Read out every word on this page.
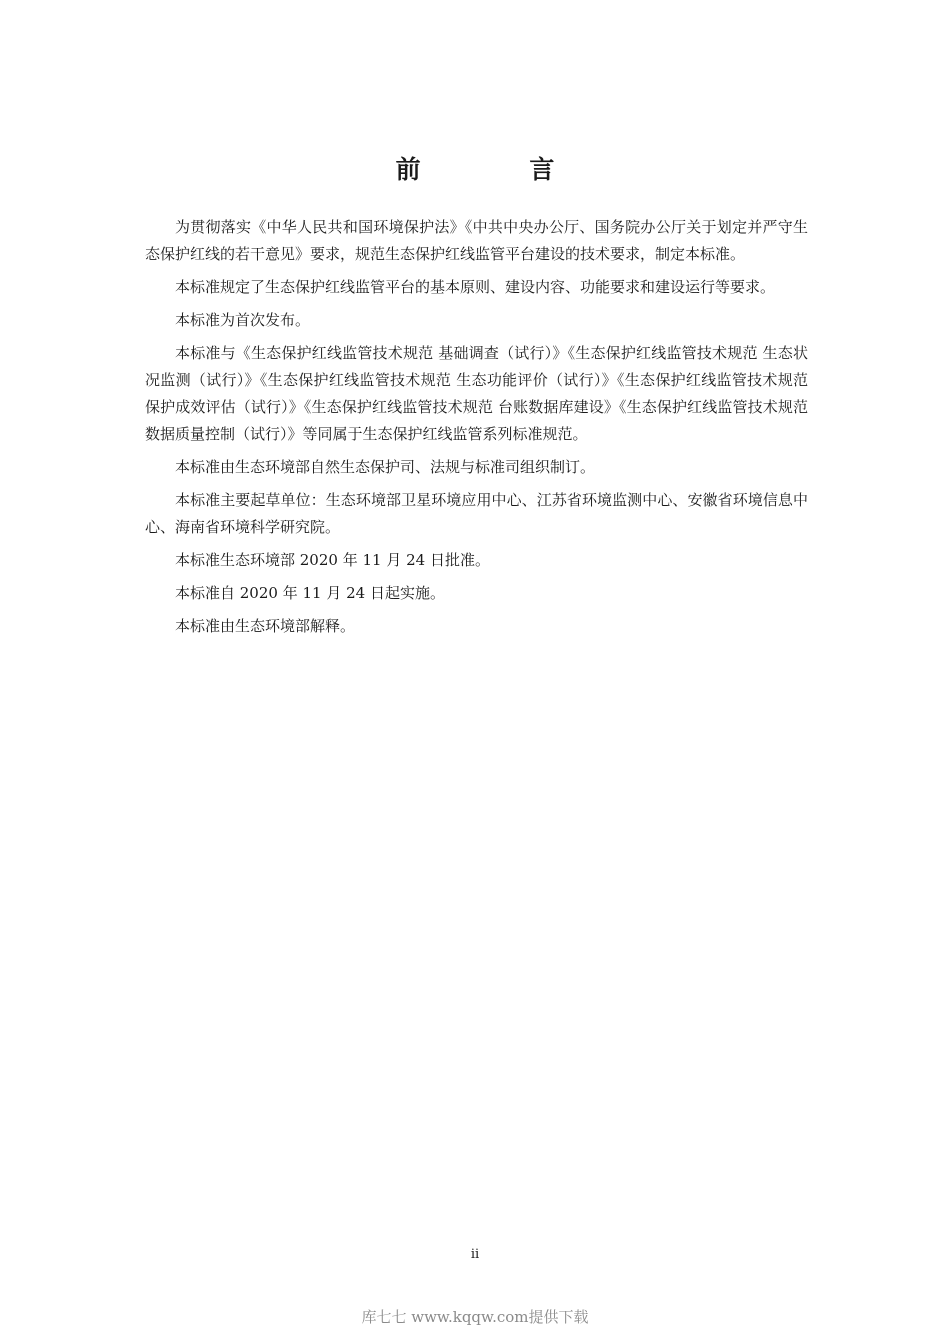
前 言

为贯彻落实《中华人民共和国环境保护法》《中共中央办公厅、国务院办公厅关于划定并严守生态保护红线的若干意见》要求，规范生态保护红线监管平台建设的技术要求，制定本标准。

本标准规定了生态保护红线监管平台的基本原则、建设内容、功能要求和建设运行等要求。

本标准为首次发布。

本标准与《生态保护红线监管技术规范 基础调查（试行）》《生态保护红线监管技术规范 生态状况监测（试行）》《生态保护红线监管技术规范 生态功能评价（试行）》《生态保护红线监管技术规范 保护成效评估（试行）》《生态保护红线监管技术规范 台账数据库建设》《生态保护红线监管技术规范 数据质量控制（试行）》等同属于生态保护红线监管系列标准规范。

本标准由生态环境部自然生态保护司、法规与标准司组织制订。

本标准主要起草单位：生态环境部卫星环境应用中心、江苏省环境监测中心、安徽省环境信息中心、海南省环境科学研究院。

本标准生态环境部 2020 年 11 月 24 日批准。

本标准自 2020 年 11 月 24 日起实施。

本标准由生态环境部解释。

ii
库七七 www.kqqw.com提供下载
